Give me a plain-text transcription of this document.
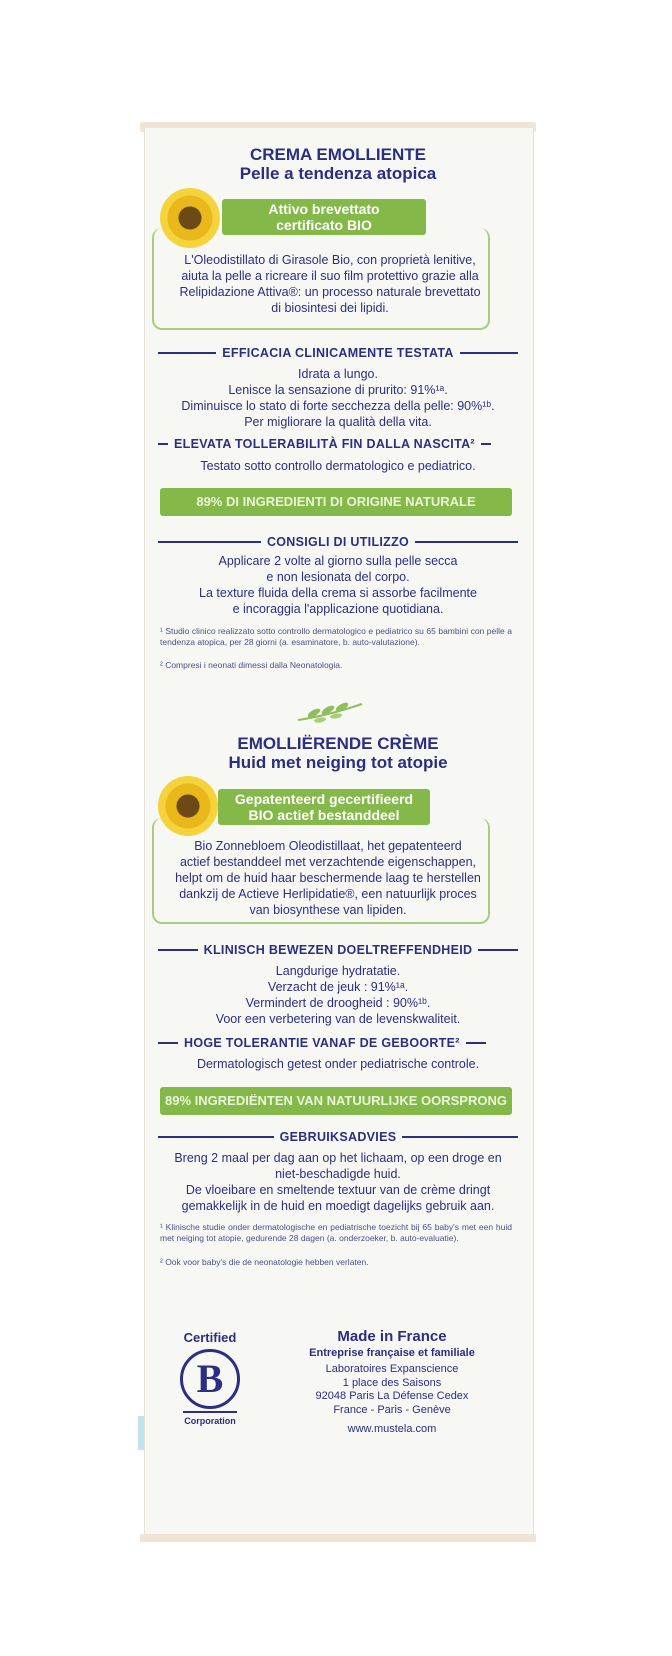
CREMA EMOLLIENTE
Pelle a tendenza atopica
Attivo brevettato
certificato BIO
L'Oleodistillato di Girasole Bio, con proprietà lenitive,
aiuta la pelle a ricreare il suo film protettivo grazie alla
Relipidazione Attiva®: un processo naturale brevettato
di biosintesi dei lipidi.
EFFICACIA CLINICAMENTE TESTATA
Idrata a lungo.
Lenisce la sensazione di prurito: 91%¹ᵃ.
Diminuisce lo stato di forte secchezza della pelle: 90%¹ᵇ.
Per migliorare la qualità della vita.
ELEVATA TOLLERABILITÀ FIN DALLA NASCITA²
Testato sotto controllo dermatologico e pediatrico.
89% DI INGREDIENTI DI ORIGINE NATURALE
CONSIGLI DI UTILIZZO
Applicare 2 volte al giorno sulla pelle secca
e non lesionata del corpo.
La texture fluida della crema si assorbe facilmente
e incoraggia l'applicazione quotidiana.
¹ Studio clinico realizzato sotto controllo dermatologico e pediatrico su 65 bambini con pelle a tendenza atopica, per 28 giorni (a. esaminatore, b. auto-valutazione).
² Compresi i neonati dimessi dalla Neonatologia.
EMOLLIËRENDE CRÈME
Huid met neiging tot atopie
Gepatenteerd gecertifieerd
BIO actief bestanddeel
Bio Zonnebloem Oleodistillaat, het gepatenteerd
actief bestanddeel met verzachtende eigenschappen,
helpt om de huid haar beschermende laag te herstellen
dankzij de Actieve Herlipidatie®, een natuurlijk proces
van biosynthese van lipiden.
KLINISCH BEWEZEN DOELTREFFENDHEID
Langdurige hydratatie.
Verzacht de jeuk : 91%¹ᵃ.
Vermindert de droogheid : 90%¹ᵇ.
Voor een verbetering van de levenskwaliteit.
HOGE TOLERANTIE VANAF DE GEBOORTE²
Dermatologisch getest onder pediatrische controle.
89% INGREDIËNTEN VAN NATUURLIJKE OORSPRONG
GEBRUIKSADVIES
Breng 2 maal per dag aan op het lichaam, op een droge en
niet-beschadigde huid.
De vloeibare en smeltende textuur van de crème dringt
gemakkelijk in de huid en moedigt dagelijks gebruik aan.
¹ Klinische studie onder dermatologische en pediatrische toezicht bij 65 baby's met een huid met neiging tot atopie, gedurende 28 dagen (a. onderzoeker, b. auto-evaluatie).
² Ook voor baby's die de neonatologie hebben verlaten.
Certified
B
Corporation
Made in France
Entreprise française et familiale
Laboratoires Expanscience
1 place des Saisons
92048 Paris La Défense Cedex
France - Paris - Genève
www.mustela.com
